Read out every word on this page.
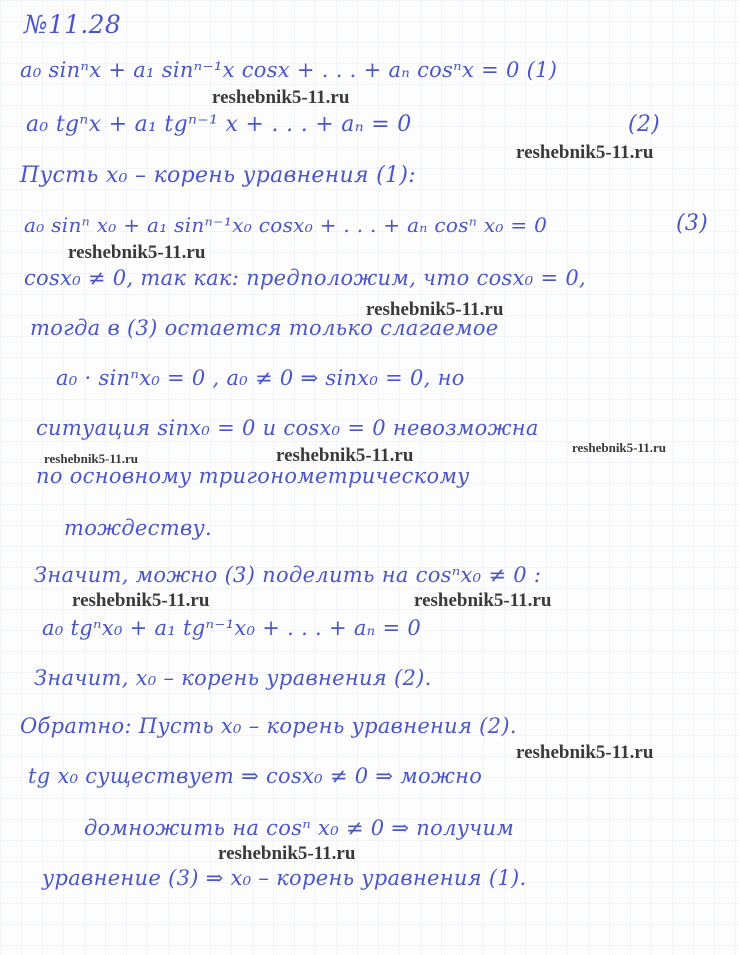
№11.28
a₀ sinⁿx + a₁ sinⁿ⁻¹x cosx + . . . + aₙ cosⁿx = 0 (1)
a₀ tgⁿx + a₁ tgⁿ⁻¹ x + . . . + aₙ = 0	(2)
Пусть x₀ – корень уравнения (1):
a₀ sinⁿ x₀ + a₁ sinⁿ⁻¹x₀ cosx₀ + . . . + aₙ cosⁿ x₀ = 0	(3)
cosx₀ ≠ 0, так как: предположим, что cosx₀ = 0,
тогда в (3) остается только слагаемое
a₀ · sinⁿx₀ = 0 , a₀ ≠ 0 ⇒ sinx₀ = 0, но
ситуация sinx₀ = 0 и cosx₀ = 0 невозможна
по основному тригонометрическому
тождеству.
Значит, можно (3) поделить на cosⁿx₀ ≠ 0 :
a₀ tgⁿx₀ + a₁ tgⁿ⁻¹x₀ + . . . + aₙ = 0
Значит, x₀ – корень уравнения (2).
Обратно: Пусть x₀ – корень уравнения (2).
tg x₀ существует ⇒ cosx₀ ≠ 0 ⇒ можно
домножить на cosⁿ x₀ ≠ 0 ⇒ получим
уравнение (3) ⇒ x₀ – корень уравнения (1).
reshebnik5-11.ru
reshebnik5-11.ru
reshebnik5-11.ru
reshebnik5-11.ru
reshebnik5-11.ru	reshebnik5-11.ru	reshebnik5-11.ru
reshebnik5-11.ru	reshebnik5-11.ru
reshebnik5-11.ru
reshebnik5-11.ru
